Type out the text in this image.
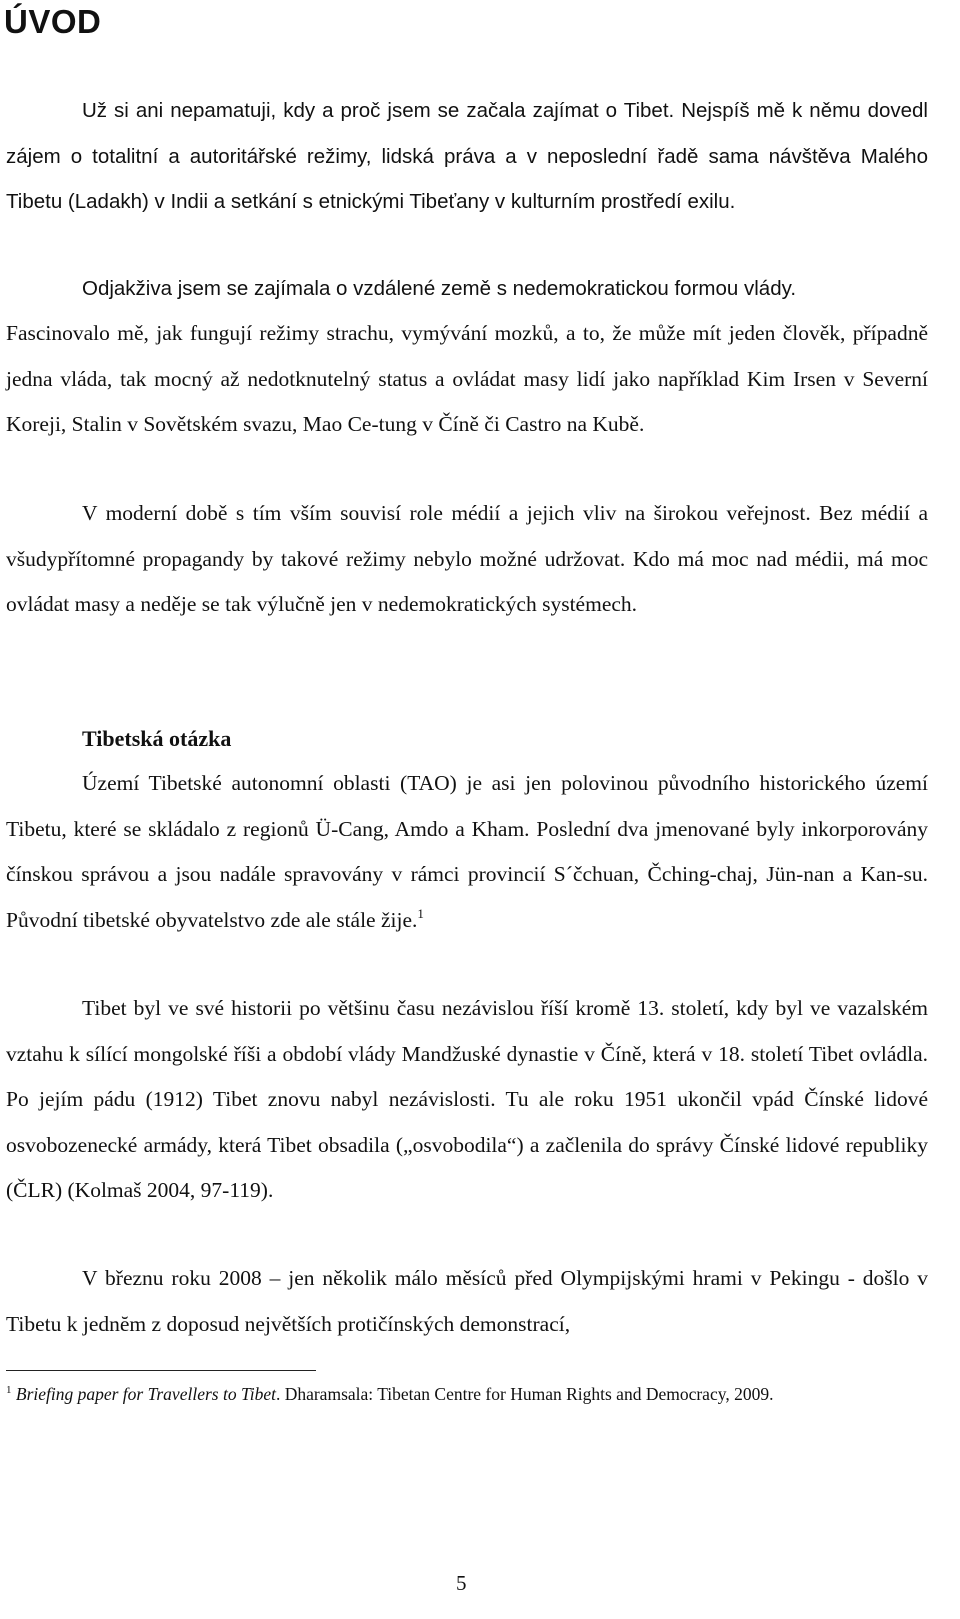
ÚVOD

Už si ani nepamatuji, kdy a proč jsem se začala zajímat o Tibet. Nejspíš mě k němu dovedl zájem o totalitní a autoritářské režimy, lidská práva a v neposlední řadě sama návštěva Malého Tibetu (Ladakh) v Indii a setkání s etnickými Tibeťany v kulturním prostředí exilu.

Odjakživa jsem se zajímala o vzdálené země s nedemokratickou formou vlády.

Fascinovalo mě, jak fungují režimy strachu, vymývání mozků, a to, že může mít jeden člověk, případně jedna vláda, tak mocný až nedotknutelný status a ovládat masy lidí jako například Kim Irsen v Severní Koreji, Stalin v Sovětském svazu, Mao Ce-tung v Číně či Castro na Kubě.

V moderní době s tím vším souvisí role médií a jejich vliv na širokou veřejnost. Bez médií a všudypřítomné propagandy by takové režimy nebylo možné udržovat. Kdo má moc nad médii, má moc ovládat masy a neděje se tak výlučně jen v nedemokratických systémech.

Tibetská otázka

Území Tibetské autonomní oblasti (TAO) je asi jen polovinou původního historického území Tibetu, které se skládalo z regionů Ü-Cang, Amdo a Kham. Poslední dva jmenované byly inkorporovány čínskou správou a jsou nadále spravovány v rámci provincií S´čchuan, Čching-chaj, Jün-nan a Kan-su. Původní tibetské obyvatelstvo zde ale stále žije.$^1$

Tibet byl ve své historii po většinu času nezávislou říší kromě 13. století, kdy byl ve vazalském vztahu k sílící mongolské říši a období vlády Mandžuské dynastie v Číně, která v 18. století Tibet ovládla. Po jejím pádu (1912) Tibet znovu nabyl nezávislosti. Tu ale roku 1951 ukončil vpád Čínské lidové osvobozenecké armády, která Tibet obsadila („osvobodila“) a začlenila do správy Čínské lidové republiky (ČLR) (Kolmaš 2004, 97-119).

V březnu roku 2008 – jen několik málo měsíců před Olympijskými hrami v Pekingu - došlo v Tibetu k jednĕm z doposud největších protičínských demonstrací,

$^1$ Briefing paper for Travellers to Tibet. Dharamsala: Tibetan Centre for Human Rights and Democracy, 2009.

5
